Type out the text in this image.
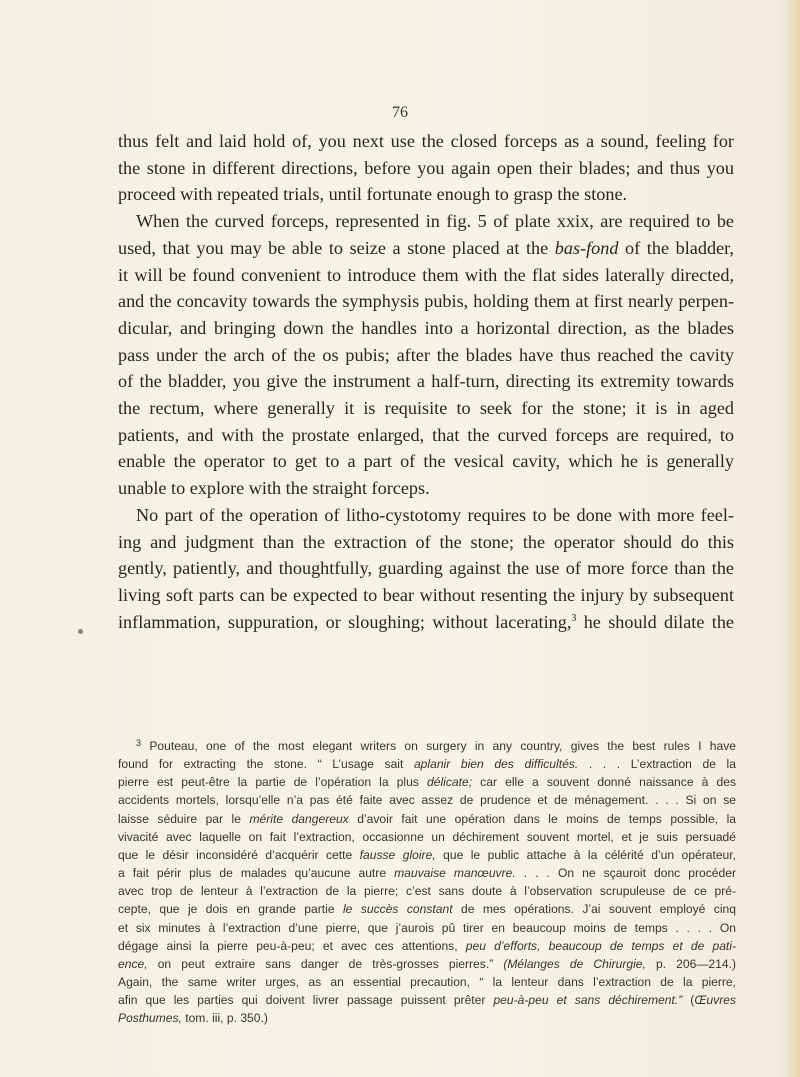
76

thus felt and laid hold of, you next use the closed forceps as a sound, feeling for

the stone in different directions, before you again open their blades; and thus you

proceed with repeated trials, until fortunate enough to grasp the stone.

When the curved forceps, represented in fig. 5 of plate xxix, are required to be

used, that you may be able to seize a stone placed at the bas-fond of the bladder,

it will be found convenient to introduce them with the flat sides laterally directed,

and the concavity towards the symphysis pubis, holding them at first nearly perpen-

dicular, and bringing down the handles into a horizontal direction, as the blades

pass under the arch of the os pubis; after the blades have thus reached the cavity

of the bladder, you give the instrument a half-turn, directing its extremity towards

the rectum, where generally it is requisite to seek for the stone; it is in aged

patients, and with the prostate enlarged, that the curved forceps are required, to

enable the operator to get to a part of the vesical cavity, which he is generally

unable to explore with the straight forceps.

No part of the operation of litho-cystotomy requires to be done with more feel-

ing and judgment than the extraction of the stone; the operator should do this

gently, patiently, and thoughtfully, guarding against the use of more force than the

living soft parts can be expected to bear without resenting the injury by subsequent

inflammation, suppuration, or sloughing; without lacerating,$^3$ he should dilate the

$^3$ Pouteau, one of the most elegant writers on surgery in any country, gives the best rules I have

found for extracting the stone. “ L’usage sait aplanir bien des difficultés. . . . L’extraction de la

pierre est peut-être la partie de l’opération la plus délicate; car elle a souvent donné naissance à des

accidents mortels, lorsqu’elle n’a pas été faite avec assez de prudence et de ménagement. . . . Si on se

laisse séduire par le mérite dangereux d’avoir fait une opération dans le moins de temps possible, la

vivacité avec laquelle on fait l’extraction, occasionne un déchirement souvent mortel, et je suis persuadé

que le désir inconsidéré d’acquérir cette fausse gloire, que le public attache à la célérité d’un opérateur,

a fait périr plus de malades qu’aucune autre mauvaise manœuvre. . . . On ne sçauroit donc procéder

avec trop de lenteur à l’extraction de la pierre; c’est sans doute à l’observation scrupuleuse de ce pré-

cepte, que je dois en grande partie le succès constant de mes opérations. J’ai souvent employé cinq

et six minutes à l’extraction d’une pierre, que j’aurois pû tirer en beaucoup moins de temps . . . . On

dégage ainsi la pierre peu-à-peu; et avec ces attentions, peu d’efforts, beaucoup de temps et de pati-

ence, on peut extraire sans danger de très-grosses pierres.” (Mélanges de Chirurgie, p. 206—214.)

Again, the same writer urges, as an essential precaution, “ la lenteur dans l’extraction de la pierre,

afin que les parties qui doivent livrer passage puissent prêter peu-à-peu et sans déchirement.” (Œuvres

Posthumes, tom. iii, p. 350.)
